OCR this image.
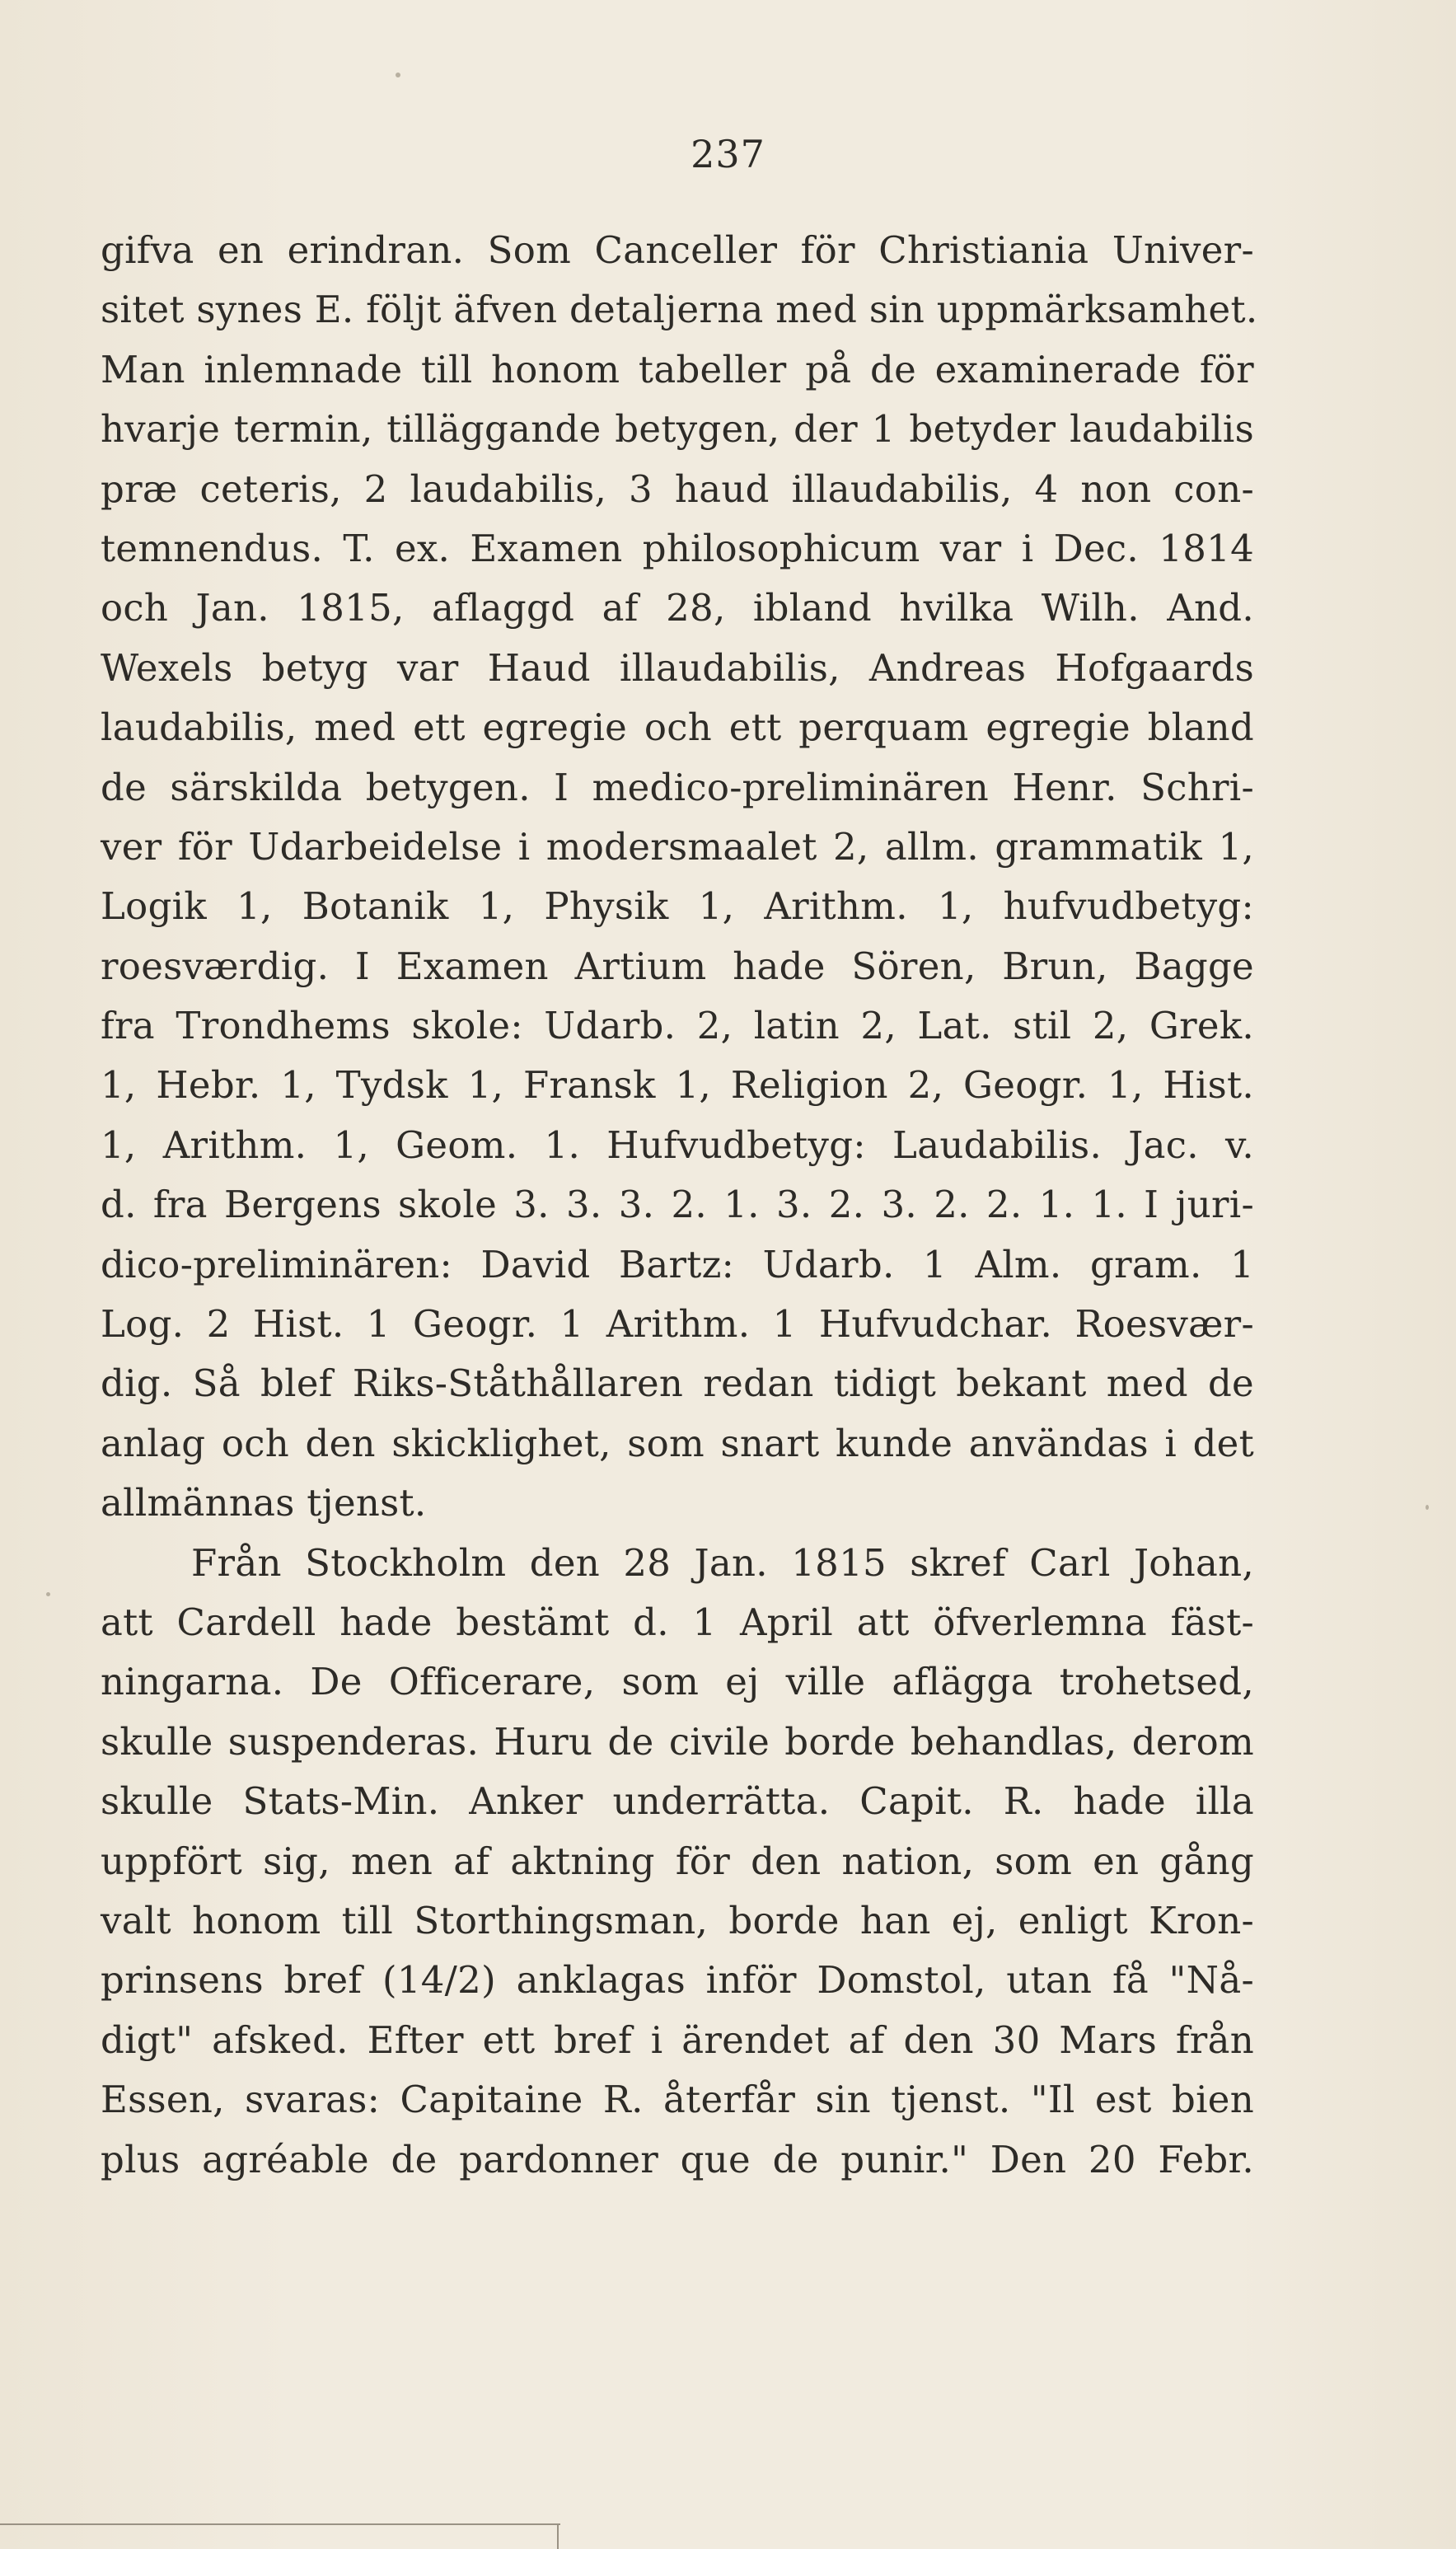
237
gifva en erindran. Som Canceller för Christiania Univer-
sitet synes E. följt äfven detaljerna med sin uppmärksamhet.
Man inlemnade till honom tabeller på de examinerade för
hvarje termin, tilläggande betygen, der 1 betyder laudabilis
præ ceteris, 2 laudabilis, 3 haud illaudabilis, 4 non con-
temnendus. T. ex. Examen philosophicum var i Dec. 1814
och Jan. 1815, aflaggd af 28, ibland hvilka Wilh. And.
Wexels betyg var Haud illaudabilis, Andreas Hofgaards
laudabilis, med ett egregie och ett perquam egregie bland
de särskilda betygen. I medico-preliminären Henr. Schri-
ver för Udarbeidelse i modersmaalet 2, allm. grammatik 1,
Logik 1, Botanik 1, Physik 1, Arithm. 1, hufvudbetyg:
roesværdig. I Examen Artium hade Sören, Brun, Bagge
fra Trondhems skole: Udarb. 2, latin 2, Lat. stil 2, Grek.
1, Hebr. 1, Tydsk 1, Fransk 1, Religion 2, Geogr. 1, Hist.
1, Arithm. 1, Geom. 1. Hufvudbetyg: Laudabilis. Jac. v.
d. fra Bergens skole 3. 3. 3. 2. 1. 3. 2. 3. 2. 2. 1. 1. I juri-
dico-preliminären: David Bartz: Udarb. 1 Alm. gram. 1
Log. 2 Hist. 1 Geogr. 1 Arithm. 1 Hufvudchar. Roesvær-
dig. Så blef Riks-Ståthållaren redan tidigt bekant med de
anlag och den skicklighet, som snart kunde användas i det
allmännas tjenst.
Från Stockholm den 28 Jan. 1815 skref Carl Johan,
att Cardell hade bestämt d. 1 April att öfverlemna fäst-
ningarna. De Officerare, som ej ville aflägga trohetsed,
skulle suspenderas. Huru de civile borde behandlas, derom
skulle Stats-Min. Anker underrätta. Capit. R. hade illa
uppfört sig, men af aktning för den nation, som en gång
valt honom till Storthingsman, borde han ej, enligt Kron-
prinsens bref (14/2) anklagas inför Domstol, utan få "Nå-
digt" afsked. Efter ett bref i ärendet af den 30 Mars från
Essen, svaras: Capitaine R. återfår sin tjenst. "Il est bien
plus agréable de pardonner que de punir." Den 20 Febr.
